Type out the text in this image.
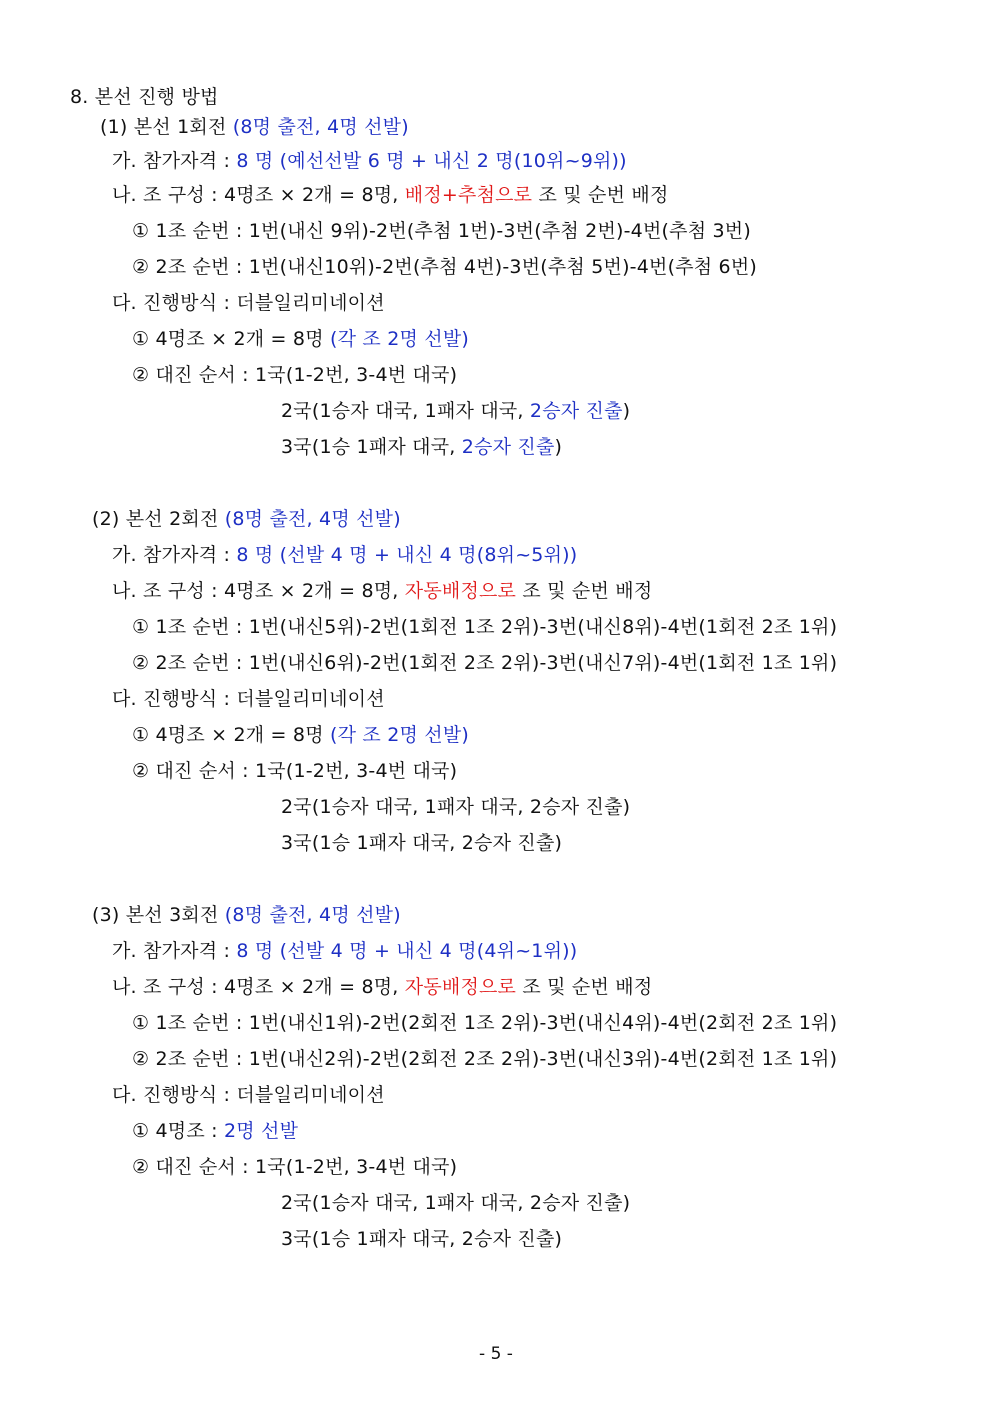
8. 본선 진행 방법
(1) 본선 1회전 (8명 출전, 4명 선발)
가. 참가자격 : 8 명 (예선선발 6 명 + 내신 2 명(10위~9위))
나. 조 구성 : 4명조 × 2개 = 8명, 배정+추첨으로 조 및 순번 배정
① 1조 순번 : 1번(내신 9위)-2번(추첨 1번)-3번(추첨 2번)-4번(추첨 3번)
② 2조 순번 : 1번(내신10위)-2번(추첨 4번)-3번(추첨 5번)-4번(추첨 6번)
다. 진행방식 : 더블일리미네이션
① 4명조 × 2개 = 8명 (각 조 2명 선발)
② 대진 순서 : 1국(1-2번, 3-4번 대국)
2국(1승자 대국, 1패자 대국, 2승자 진출)
3국(1승 1패자 대국, 2승자 진출)
(2) 본선 2회전 (8명 출전, 4명 선발)
가. 참가자격 : 8 명 (선발 4 명 + 내신 4 명(8위~5위))
나. 조 구성 : 4명조 × 2개 = 8명, 자동배정으로 조 및 순번 배정
① 1조 순번 : 1번(내신5위)-2번(1회전 1조 2위)-3번(내신8위)-4번(1회전 2조 1위)
② 2조 순번 : 1번(내신6위)-2번(1회전 2조 2위)-3번(내신7위)-4번(1회전 1조 1위)
다. 진행방식 : 더블일리미네이션
① 4명조 × 2개 = 8명 (각 조 2명 선발)
② 대진 순서 : 1국(1-2번, 3-4번 대국)
2국(1승자 대국, 1패자 대국, 2승자 진출)
3국(1승 1패자 대국, 2승자 진출)
(3) 본선 3회전 (8명 출전, 4명 선발)
가. 참가자격 : 8 명 (선발 4 명 + 내신 4 명(4위~1위))
나. 조 구성 : 4명조 × 2개 = 8명, 자동배정으로 조 및 순번 배정
① 1조 순번 : 1번(내신1위)-2번(2회전 1조 2위)-3번(내신4위)-4번(2회전 2조 1위)
② 2조 순번 : 1번(내신2위)-2번(2회전 2조 2위)-3번(내신3위)-4번(2회전 1조 1위)
다. 진행방식 : 더블일리미네이션
① 4명조 : 2명 선발
② 대진 순서 : 1국(1-2번, 3-4번 대국)
2국(1승자 대국, 1패자 대국, 2승자 진출)
3국(1승 1패자 대국, 2승자 진출)
- 5 -
